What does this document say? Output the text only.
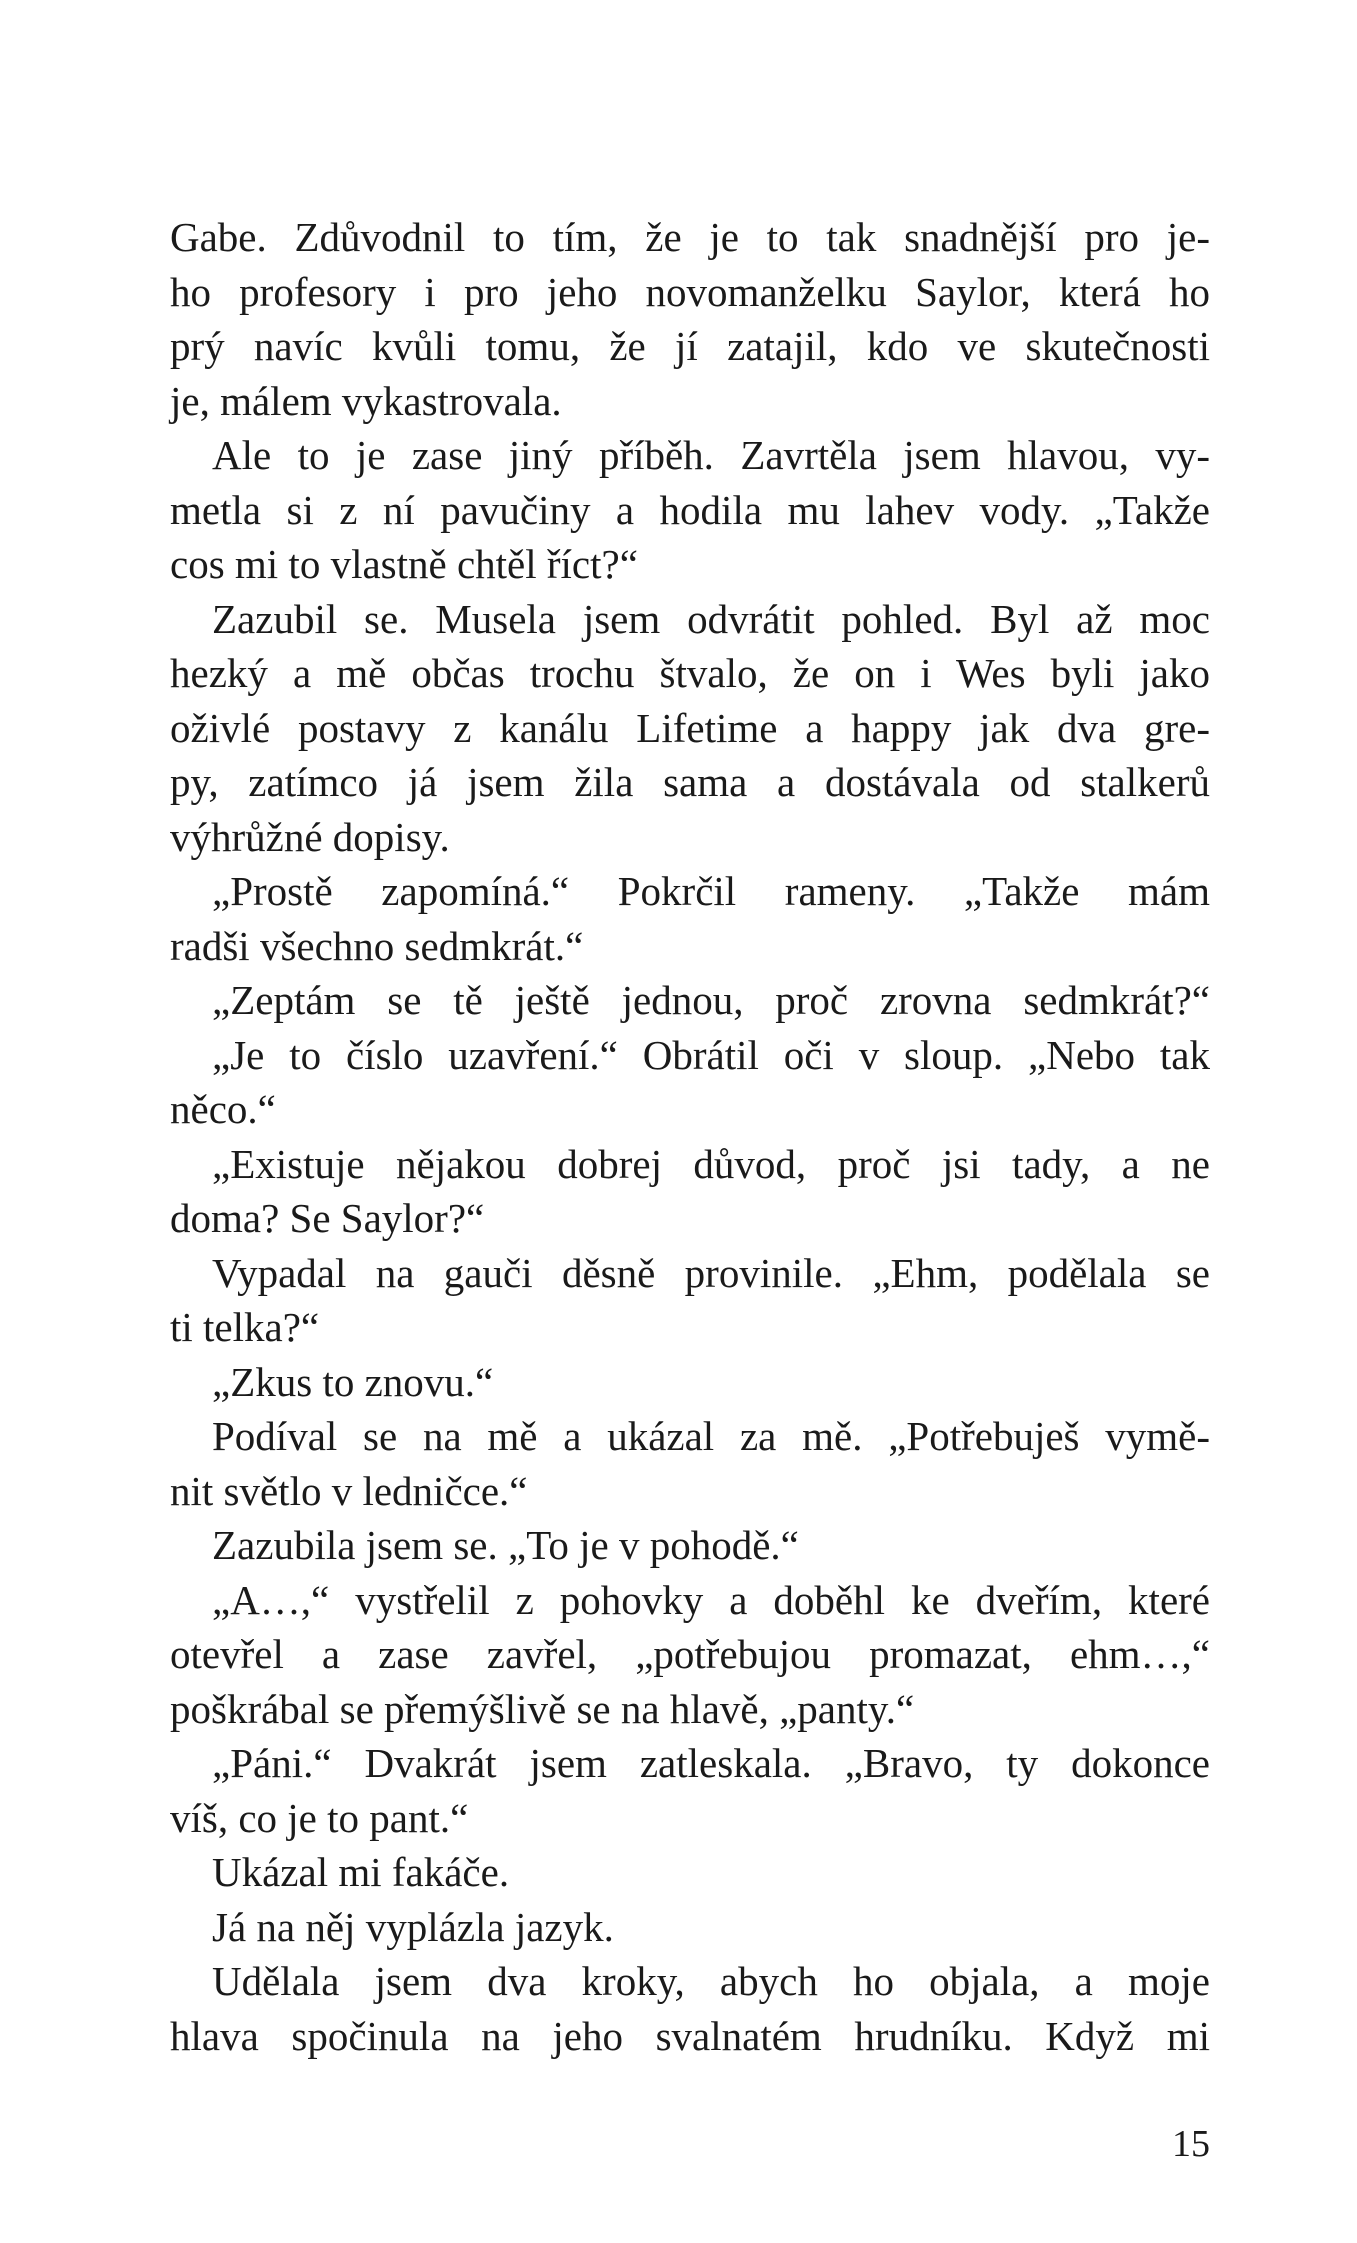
Gabe. Zdůvodnil to tím, že je to tak snadnější pro je-
ho profesory i pro jeho novomanželku Saylor, která ho
prý navíc kvůli tomu, že jí zatajil, kdo ve skutečnosti
je, málem vykastrovala.
Ale to je zase jiný příběh. Zavrtěla jsem hlavou, vy-
metla si z ní pavučiny a hodila mu lahev vody. „Takže
cos mi to vlastně chtěl říct?“
Zazubil se. Musela jsem odvrátit pohled. Byl až moc
hezký a mě občas trochu štvalo, že on i Wes byli jako
oživlé postavy z kanálu Lifetime a happy jak dva gre-
py, zatímco já jsem žila sama a dostávala od stalkerů
výhrůžné dopisy.
„Prostě zapomíná.“ Pokrčil rameny. „Takže mám
radši všechno sedmkrát.“
„Zeptám se tě ještě jednou, proč zrovna sedmkrát?“
„Je to číslo uzavření.“ Obrátil oči v sloup. „Nebo tak
něco.“
„Existuje nějakou dobrej důvod, proč jsi tady, a ne
doma? Se Saylor?“
Vypadal na gauči děsně provinile. „Ehm, podělala se
ti telka?“
„Zkus to znovu.“
Podíval se na mě a ukázal za mě. „Potřebuješ vymě-
nit světlo v ledničce.“
Zazubila jsem se. „To je v pohodě.“
„A…,“ vystřelil z pohovky a doběhl ke dveřím, které
otevřel a zase zavřel, „potřebujou promazat, ehm…,“
poškrábal se přemýšlivě se na hlavě, „panty.“
„Páni.“ Dvakrát jsem zatleskala. „Bravo, ty dokonce
víš, co je to pant.“
Ukázal mi fakáče.
Já na něj vyplázla jazyk.
Udělala jsem dva kroky, abych ho objala, a moje
hlava spočinula na jeho svalnatém hrudníku. Když mi
15
